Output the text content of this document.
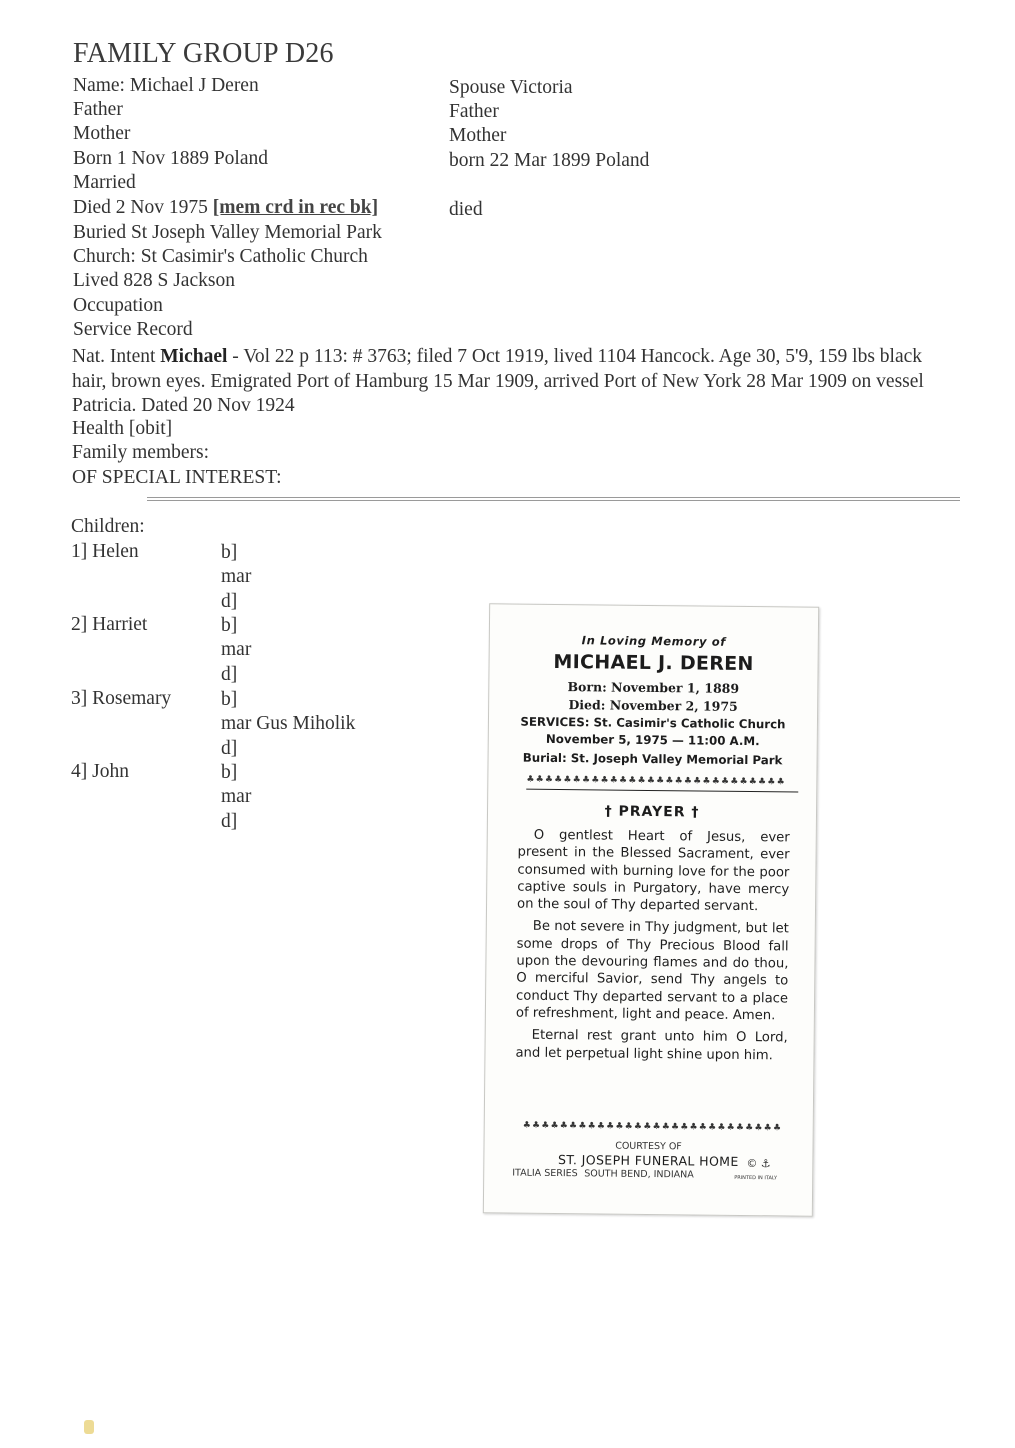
FAMILY GROUP D26
Name: Michael J Deren
Father
Mother
Born 1 Nov 1889 Poland
Married
Died 2 Nov 1975 [mem crd in rec bk]
Buried St Joseph Valley Memorial Park
Church: St Casimir's Catholic Church
Lived 828 S Jackson
Occupation
Service Record
Spouse Victoria
Father
Mother
born 22 Mar 1899 Poland
died
Nat. Intent Michael - Vol 22 p 113: # 3763; filed 7 Oct 1919, lived 1104 Hancock. Age 30, 5'9, 159 lbs black hair, brown eyes. Emigrated Port of Hamburg 15 Mar 1909, arrived Port of New York 28 Mar 1909 on vessel Patricia. Dated 20 Nov 1924
Health [obit]
Family members:
OF SPECIAL INTEREST:
Children:
1] Helen	b]
mar
d]
2] Harriet	b]
mar
d]
3] Rosemary	b]
mar Gus Miholik
d]
4] John	b]
mar
d]
In Loving Memory of
MICHAEL J. DEREN
Born: November 1, 1889
Died: November 2, 1975
SERVICES: St. Casimir's Catholic Church
November 5, 1975 — 11:00 A.M.
Burial: St. Joseph Valley Memorial Park
♣♣♣♣♣♣♣♣♣♣♣♣♣♣♣♣♣♣♣♣♣♣♣♣♣♣♣♣
† PRAYER †

O gentlest Heart of Jesus, ever present in the Blessed Sacrament, ever consumed with burning love for the poor captive souls in Purgatory, have mercy on the soul of Thy departed servant.

Be not severe in Thy judgment, but let some drops of Thy Precious Blood fall upon the devouring flames and do thou, O merciful Savior, send Thy angels to conduct Thy departed servant to a place of refreshment, light and peace. Amen.

Eternal rest grant unto him O Lord, and let perpetual light shine upon him.

♣♣♣♣♣♣♣♣♣♣♣♣♣♣♣♣♣♣♣♣♣♣♣♣♣♣♣♣
COURTESY OF
ST. JOSEPH FUNERAL HOME
ITALIA SERIES SOUTH BEND, INDIANA	PRINTED IN ITALY
© ⚓
